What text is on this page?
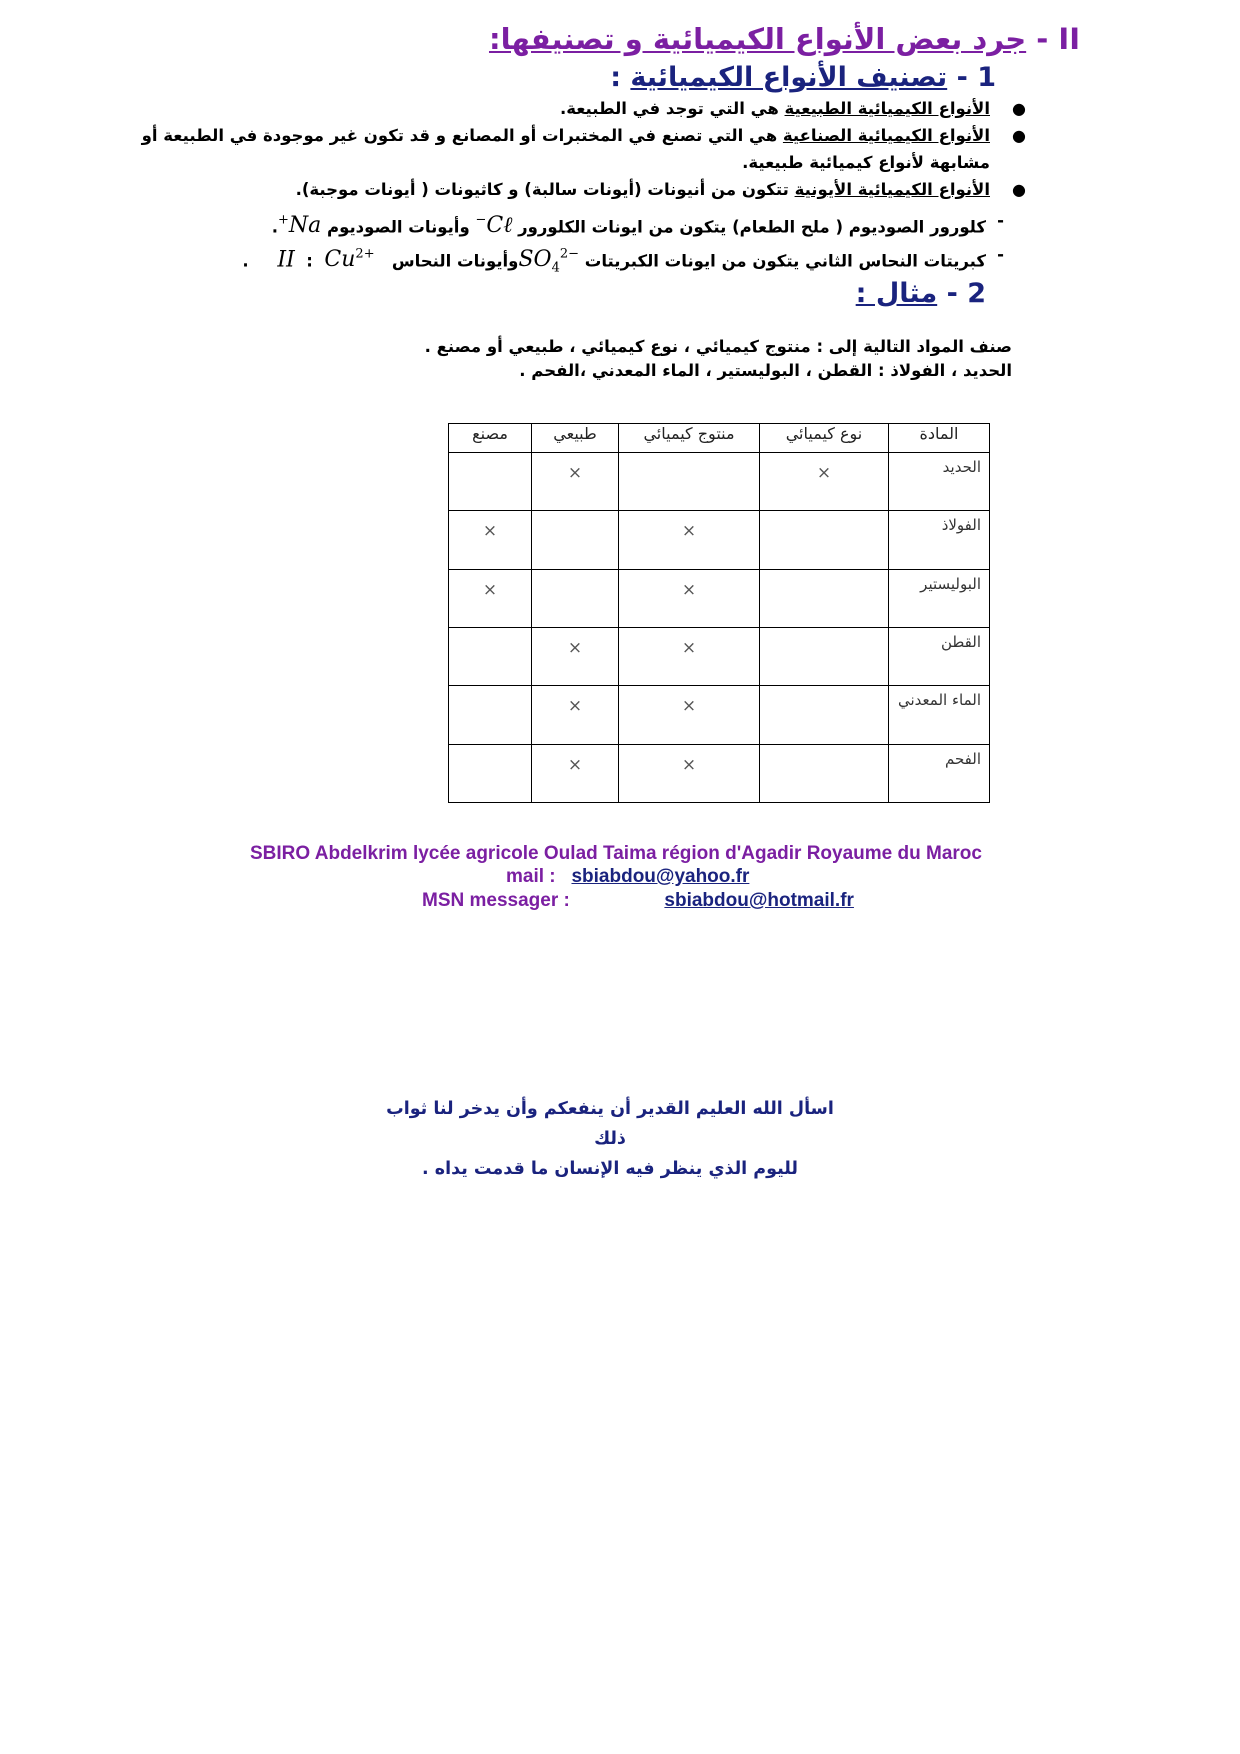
II - جرد بعض الأنواع الكيميائية و تصنيفها:
1 - تصنيف الأنواع الكيميائية :
●
الأنواع الكيميائية الطبيعية هي التي توجد في الطبيعة.
●
الأنواع الكيميائية الصناعية هي التي تصنع في المختبرات أو المصانع و قد تكون غير موجودة في الطبيعة أو مشابهة لأنواع كيميائية طبيعية.
●
الأنواع الكيميائية الأيونية تتكون من أنيونات (أيونات سالبة) و كاثيونات ( أيونات موجبة).
-
كلورور الصوديوم ( ملح الطعام) يتكون من ايونات الكلورور Cℓ− وأيونات الصوديوم Na+.
-
كبريتات النحاس الثاني يتكون من ايونات الكبريتات $SO_4^{2-}وأيونات$ النحاس   II : $Cu^{2+}$     .
2 - مثال :
صنف المواد التالية إلى : منتوج كيميائي ، نوع كيميائي ، طبيعي أو مصنع .
الحديد ، الفولاذ : القطن ، البوليستير ، الماء المعدني ،الفحم .
المادة	نوع كيميائي	منتوج كيميائي	طبيعي	مصنع
الحديد	×		×	
الفولاذ		×		×
البوليستير		×		×
القطن		×	×	
الماء المعدني		×	×	
الفحم		×	×	
SBIRO Abdelkrim lycée agricole Oulad Taima région d'Agadir Royaume du Maroc
mail : sbiabdou@yahoo.fr
MSN messager :	sbiabdou@hotmail.fr
اسأل الله العليم القدير أن ينفعكم وأن يدخر لنا ثواب ذلك
لليوم الذي ينظر فيه الإنسان ما قدمت يداه .
